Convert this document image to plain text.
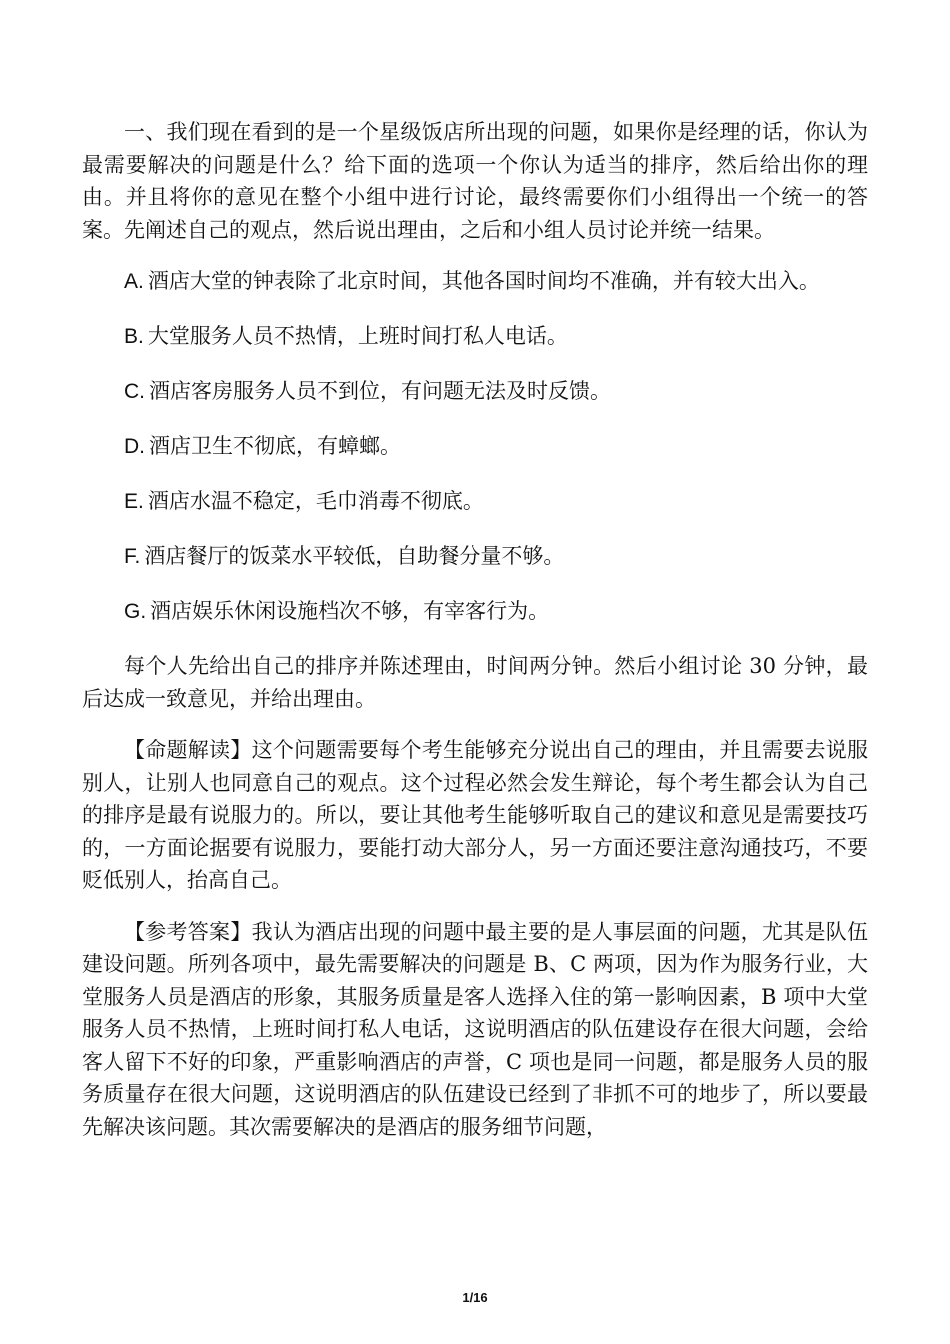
一、我们现在看到的是一个星级饭店所出现的问题，如果你是经理的话，你认为最需要解决的问题是什么？给下面的选项一个你认为适当的排序，然后给出你的理由。并且将你的意见在整个小组中进行讨论，最终需要你们小组得出一个统一的答案。先阐述自己的观点，然后说出理由，之后和小组人员讨论并统一结果。

A. 酒店大堂的钟表除了北京时间，其他各国时间均不准确，并有较大出入。
B. 大堂服务人员不热情，上班时间打私人电话。
C. 酒店客房服务人员不到位，有问题无法及时反馈。
D. 酒店卫生不彻底，有蟑螂。
E. 酒店水温不稳定，毛巾消毒不彻底。
F. 酒店餐厅的饭菜水平较低，自助餐分量不够。
G. 酒店娱乐休闲设施档次不够，有宰客行为。

每个人先给出自己的排序并陈述理由，时间两分钟。然后小组讨论 30 分钟，最后达成一致意见，并给出理由。

【命题解读】这个问题需要每个考生能够充分说出自己的理由，并且需要去说服别人，让别人也同意自己的观点。这个过程必然会发生辩论，每个考生都会认为自己的排序是最有说服力的。所以，要让其他考生能够听取自己的建议和意见是需要技巧的，一方面论据要有说服力，要能打动大部分人，另一方面还要注意沟通技巧，不要贬低别人，抬高自己。

【参考答案】我认为酒店出现的问题中最主要的是人事层面的问题，尤其是队伍建设问题。所列各项中，最先需要解决的问题是 B、C 两项，因为作为服务行业，大堂服务人员是酒店的形象，其服务质量是客人选择入住的第一影响因素，B 项中大堂服务人员不热情，上班时间打私人电话，这说明酒店的队伍建设存在很大问题，会给客人留下不好的印象，严重影响酒店的声誉，C 项也是同一问题，都是服务人员的服务质量存在很大问题，这说明酒店的队伍建设已经到了非抓不可的地步了，所以要最先解决该问题。其次需要解决的是酒店的服务细节问题，

1/16
